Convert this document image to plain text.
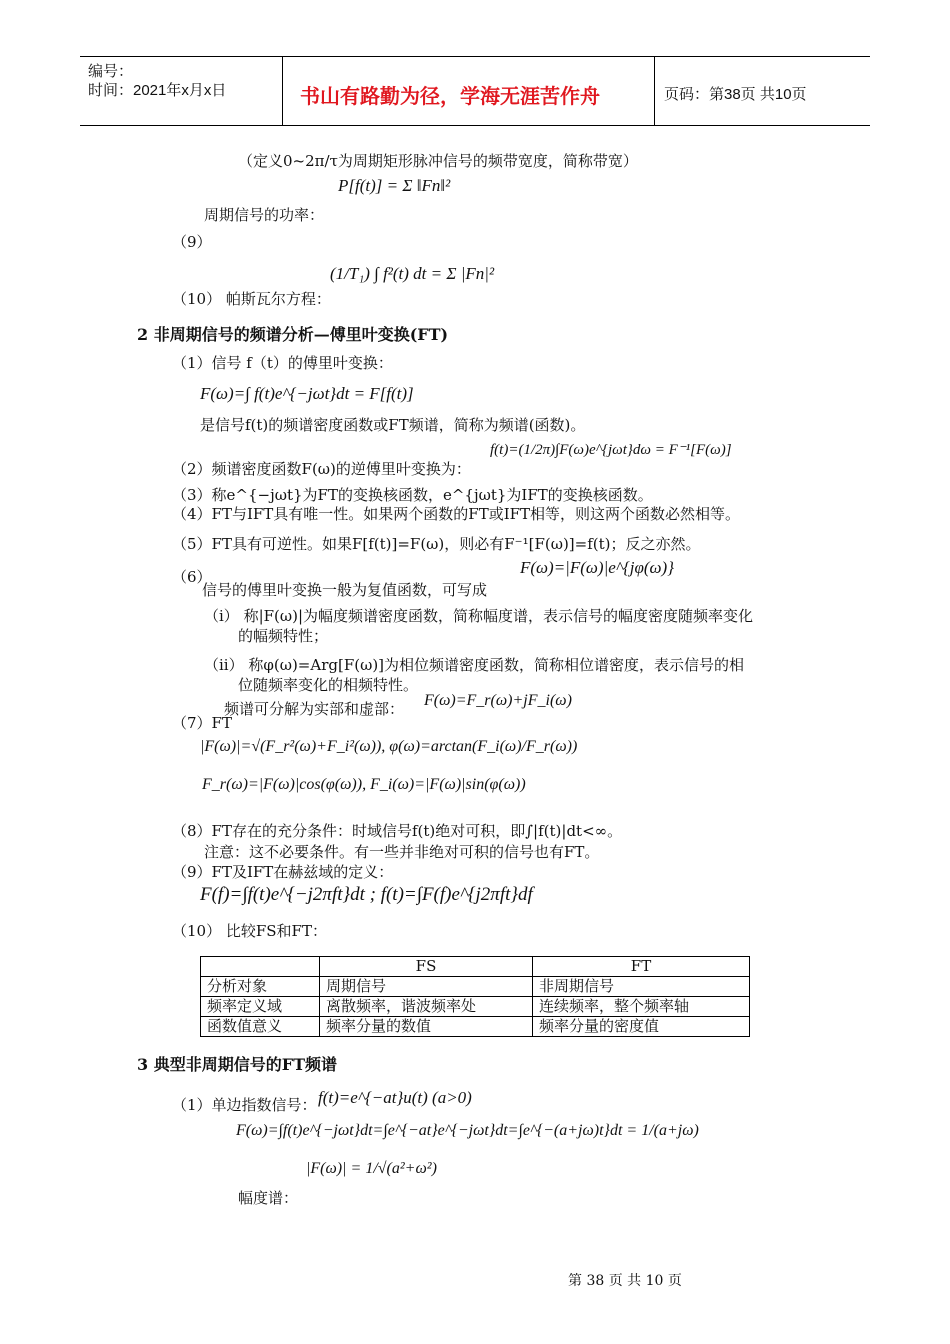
编号：
时间：2021年x月x日	书山有路勤为径，学海无涯苦作舟	页码：第38页 共10页
（定义0~2π/τ为周期矩形脉冲信号的频带宽度，简称带宽）
P[f(t)] = Σ ‖Fn‖²
周期信号的功率：
（9）
(1/T₁) ∫ f²(t) dt = Σ |Fn|²
（10） 帕斯瓦尔方程：
2 非周期信号的频谱分析—傅里叶变换(FT)
（1）信号 f（t）的傅里叶变换：
F(ω)=∫ f(t)e^{−jωt}dt = F[f(t)]
是信号f(t)的频谱密度函数或FT频谱，简称为频谱(函数)。
f(t)=(1/2π)∫F(ω)e^{jωt}dω = F⁻¹[F(ω)]
（2）频谱密度函数F(ω)的逆傅里叶变换为：
（3）称e^{−jωt}为FT的变换核函数，e^{jωt}为IFT的变换核函数。
（4）FT与IFT具有唯一性。如果两个函数的FT或IFT相等，则这两个函数必然相等。
（5）FT具有可逆性。如果F[f(t)]=F(ω)，则必有F⁻¹[F(ω)]=f(t)；反之亦然。
（6）	F(ω)=|F(ω)|e^{jφ(ω)}
信号的傅里叶变换一般为复值函数，可写成
（i） 称|F(ω)|为幅度频谱密度函数，简称幅度谱，表示信号的幅度密度随频率变化
的幅频特性；
（ii） 称φ(ω)=Arg[F(ω)]为相位频谱密度函数，简称相位谱密度，表示信号的相
位随频率变化的相频特性。
频谱可分解为实部和虚部： F(ω)=F_r(ω)+jF_i(ω)
（7）FT
|F(ω)|=√(F_r²(ω)+F_i²(ω)), φ(ω)=arctan(F_i(ω)/F_r(ω))
F_r(ω)=|F(ω)|cos(φ(ω)), F_i(ω)=|F(ω)|sin(φ(ω))
（8）FT存在的充分条件：时域信号f(t)绝对可积，即∫|f(t)|dt<∞。
注意：这不必要条件。有一些并非绝对可积的信号也有FT。
（9）FT及IFT在赫兹域的定义：
F(f)=∫f(t)e^{−j2πft}dt ; f(t)=∫F(f)e^{j2πft}df
（10） 比较FS和FT：
	FS	FT
分析对象	周期信号	非周期信号
频率定义域	离散频率，谐波频率处	连续频率，整个频率轴
函数值意义	频率分量的数值	频率分量的密度值
3 典型非周期信号的FT频谱
（1）单边指数信号： f(t)=e^{−at}u(t) (a>0)
F(ω)=∫f(t)e^{−jωt}dt=∫e^{−at}e^{−jωt}dt=∫e^{−(a+jω)t}dt = 1/(a+jω)
|F(ω)| = 1/√(a²+ω²)
幅度谱：
第 38 页 共 10 页
